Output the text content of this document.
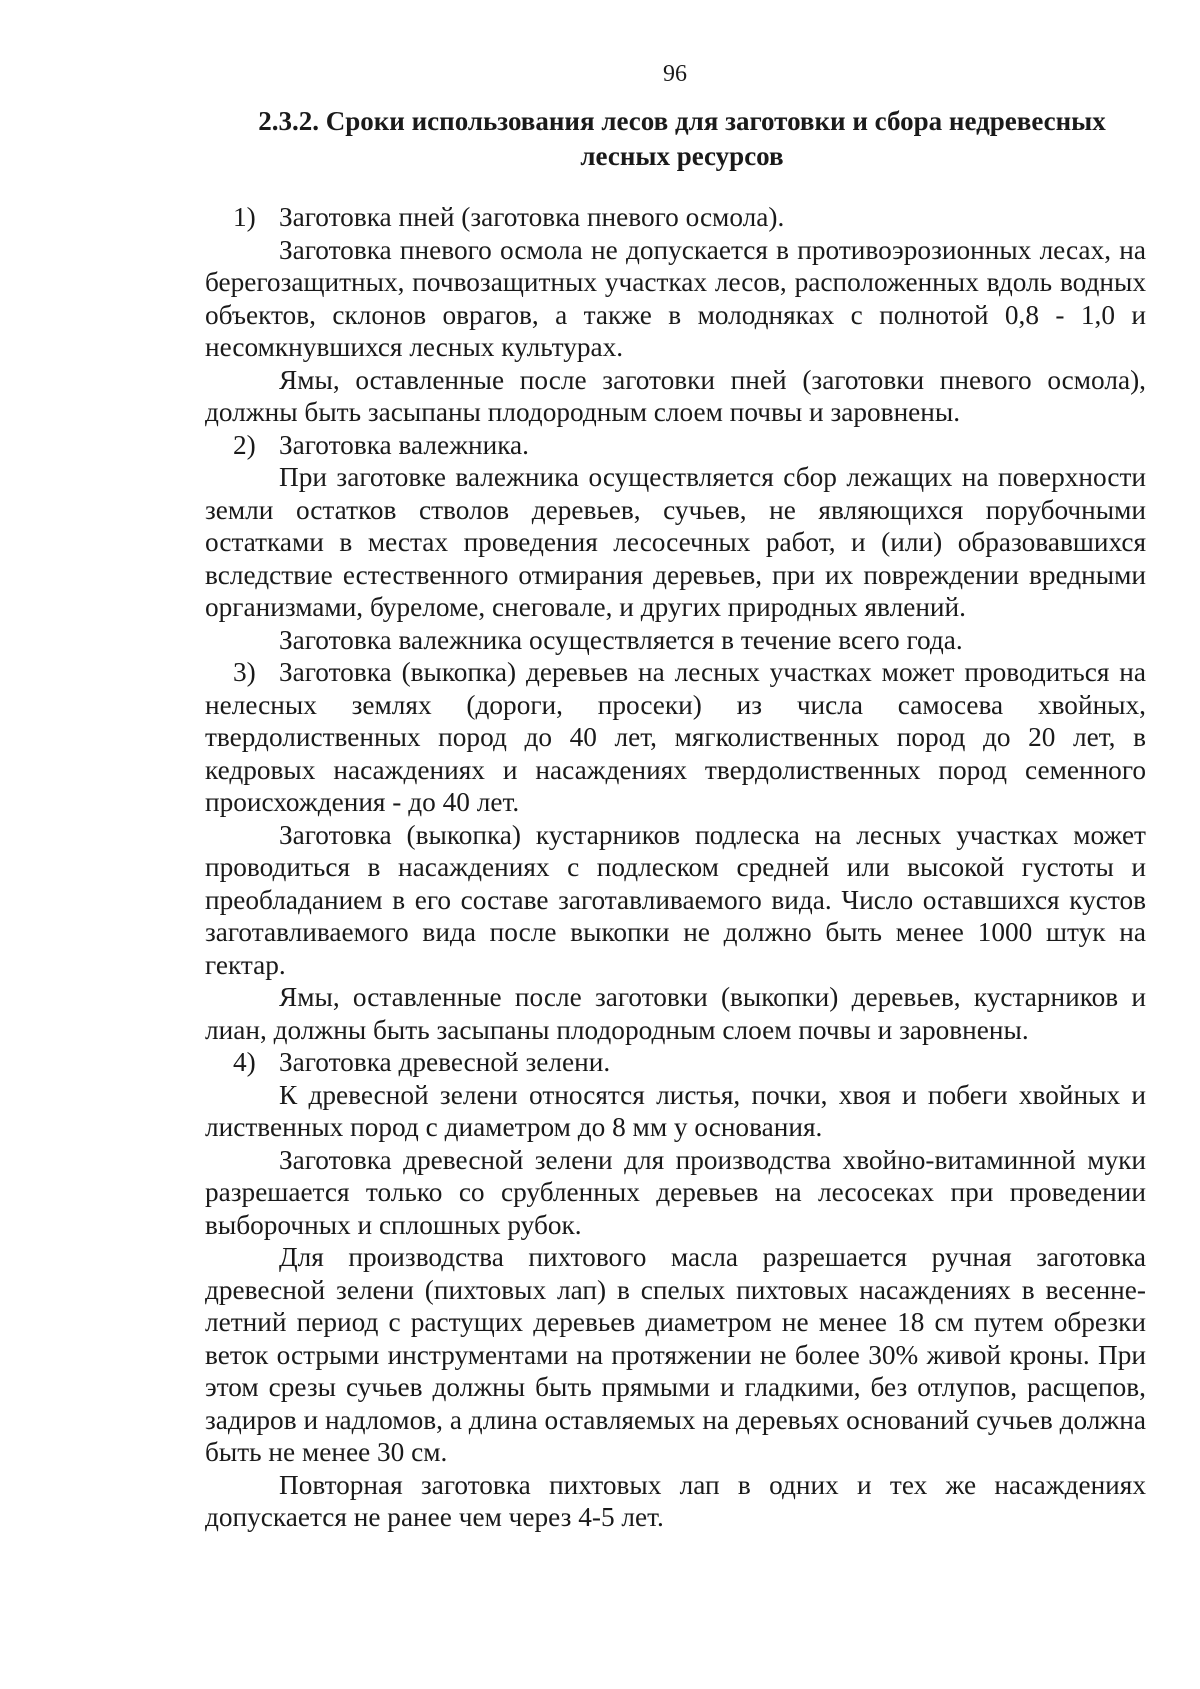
96
2.3.2. Сроки использования лесов для заготовки и сбора недревесных
лесных ресурсов

1) Заготовка пней (заготовка пневого осмола).

Заготовка пневого осмола не допускается в противоэрозионных лесах, на берегозащитных, почвозащитных участках лесов, расположенных вдоль водных объектов, склонов оврагов, а также в молодняках с полнотой 0,8 - 1,0 и несомкнувшихся лесных культурах.

Ямы, оставленные после заготовки пней (заготовки пневого осмола), должны быть засыпаны плодородным слоем почвы и заровнены.

2) Заготовка валежника.

При заготовке валежника осуществляется сбор лежащих на поверхности земли остатков стволов деревьев, сучьев, не являющихся порубочными остатками в местах проведения лесосечных работ, и (или) образовавшихся вследствие естественного отмирания деревьев, при их повреждении вредными организмами, буреломе, снеговале, и других природных явлений.

Заготовка валежника осуществляется в течение всего года.

3) Заготовка (выкопка) деревьев на лесных участках может проводиться на нелесных землях (дороги, просеки) из числа самосева хвойных, твердолиственных пород до 40 лет, мягколиственных пород до 20 лет, в кедровых насаждениях и насаждениях твердолиственных пород семенного происхождения - до 40 лет.

Заготовка (выкопка) кустарников подлеска на лесных участках может проводиться в насаждениях с подлеском средней или высокой густоты и преобладанием в его составе заготавливаемого вида. Число оставшихся кустов заготавливаемого вида после выкопки не должно быть менее 1000 штук на гектар.

Ямы, оставленные после заготовки (выкопки) деревьев, кустарников и лиан, должны быть засыпаны плодородным слоем почвы и заровнены.

4) Заготовка древесной зелени.

К древесной зелени относятся листья, почки, хвоя и побеги хвойных и лиственных пород с диаметром до 8 мм у основания.

Заготовка древесной зелени для производства хвойно-витаминной муки разрешается только со срубленных деревьев на лесосеках при проведении выборочных и сплошных рубок.

Для производства пихтового масла разрешается ручная заготовка древесной зелени (пихтовых лап) в спелых пихтовых насаждениях в весенне-летний период с растущих деревьев диаметром не менее 18 см путем обрезки веток острыми инструментами на протяжении не более 30% живой кроны. При этом срезы сучьев должны быть прямыми и гладкими, без отлупов, расщепов, задиров и надломов, а длина оставляемых на деревьях оснований сучьев должна быть не менее 30 см.

Повторная заготовка пихтовых лап в одних и тех же насаждениях допускается не ранее чем через 4-5 лет.
